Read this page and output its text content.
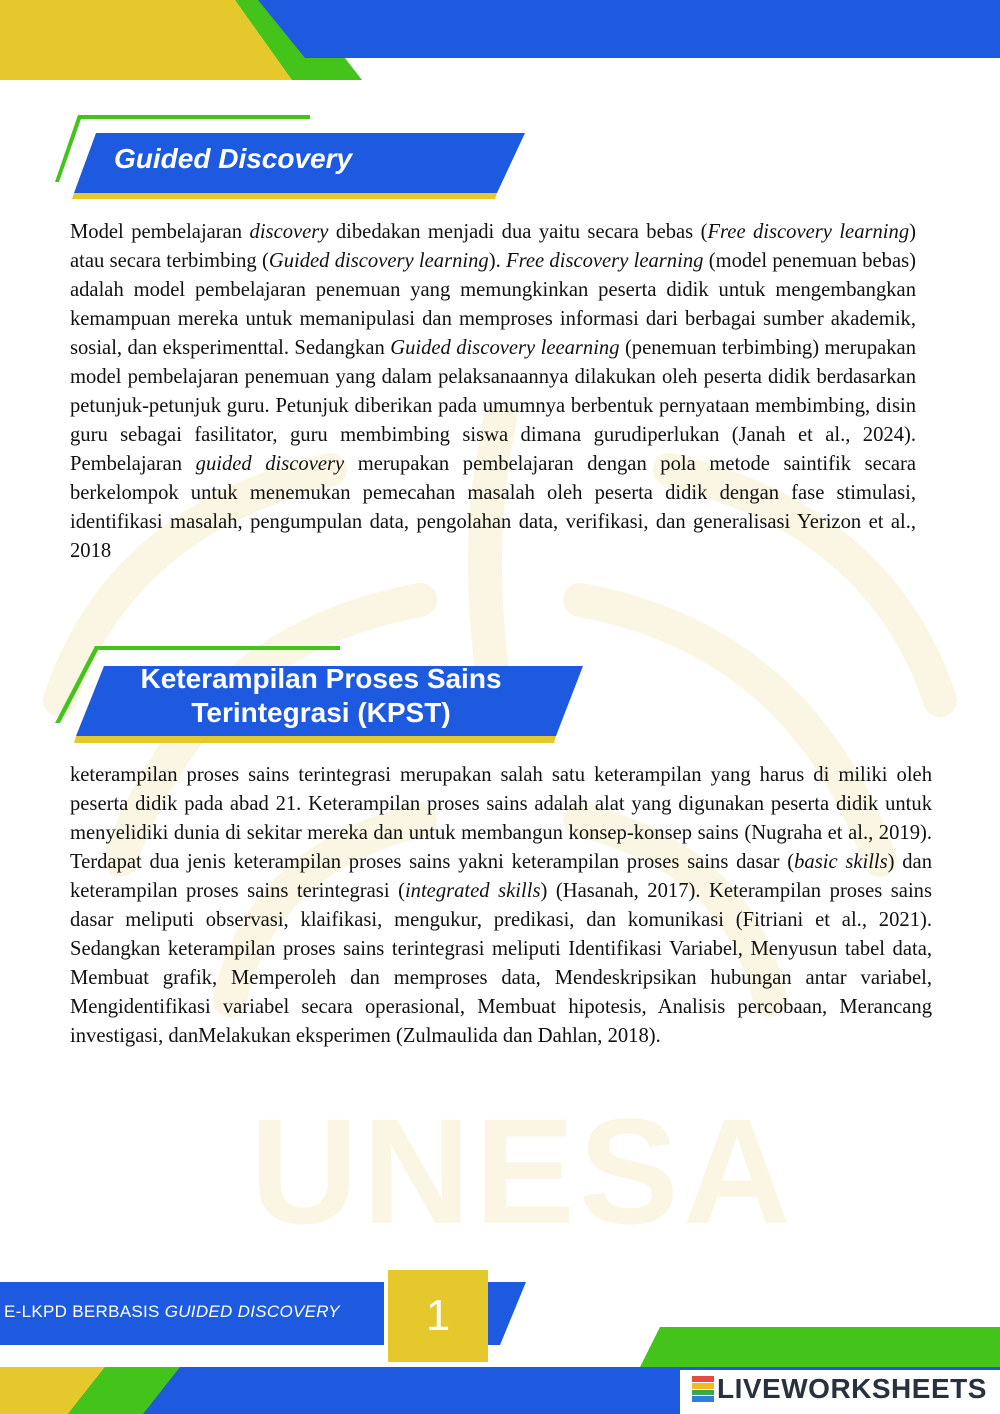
UNESA
Guided Discovery
Keterampilan Proses Sains
Terintegrasi (KPST)
Model pembelajaran discovery dibedakan menjadi dua yaitu secara bebas (Free discovery learning) atau secara terbimbing (Guided discovery learning). Free discovery learning (model penemuan bebas) adalah model pembelajaran penemuan yang memungkinkan peserta didik untuk mengembangkan kemampuan mereka untuk memanipulasi dan memproses informasi dari berbagai sumber akademik, sosial, dan eksperimenttal. Sedangkan Guided discovery leearning (penemuan terbimbing) merupakan model pembelajaran penemuan yang dalam pelaksanaannya dilakukan oleh peserta didik berdasarkan petunjuk-petunjuk guru. Petunjuk diberikan pada umumnya berbentuk pernyataan membimbing, disin guru sebagai fasilitator, guru membimbing siswa dimana gurudiperlukan (Janah et al., 2024). Pembelajaran guided discovery merupakan pembelajaran dengan pola metode saintifik secara berkelompok untuk menemukan pemecahan masalah oleh peserta didik dengan fase stimulasi, identifikasi masalah, pengumpulan data, pengolahan data, verifikasi, dan generalisasi Yerizon et al., 2018
keterampilan proses sains terintegrasi merupakan salah satu keterampilan yang harus di miliki oleh peserta didik pada abad 21. Keterampilan proses sains adalah alat yang digunakan peserta didik untuk menyelidiki dunia di sekitar mereka dan untuk membangun konsep-konsep sains (Nugraha et al., 2019). Terdapat dua jenis keterampilan proses sains yakni keterampilan proses sains dasar (basic skills) dan keterampilan proses sains terintegrasi (integrated skills) (Hasanah, 2017). Keterampilan proses sains dasar meliputi observasi, klaifikasi, mengukur, predikasi, dan komunikasi (Fitriani et al., 2021). Sedangkan keterampilan proses sains terintegrasi meliputi Identifikasi Variabel, Menyusun tabel data, Membuat grafik, Memperoleh dan memproses data, Mendeskripsikan hubungan antar variabel, Mengidentifikasi variabel secara operasional, Membuat hipotesis, Analisis percobaan, Merancang investigasi, danMelakukan eksperimen (Zulmaulida dan Dahlan, 2018).
E-LKPD BERBASIS GUIDED DISCOVERY	1
LIVEWORKSHEETS
